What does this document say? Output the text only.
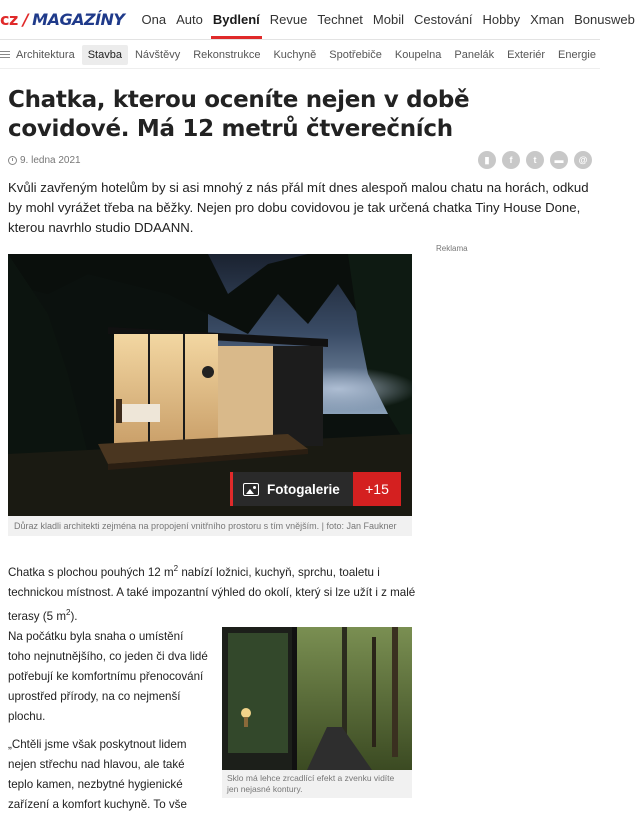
cz / MAGAZÍNY	Ona Auto Bydlení Revue Technet Mobil Cestování Hobby Xman Bonusweb
Architektura	Stavba	Návštěvy	Rekonstrukce	Kuchyně	Spotřebiče	Koupelna	Panelák	Exteriér	Energie
Chatka, kterou oceníte nejen v době covidové. Má 12 metrů čtverečních
9. ledna 2021	▮	f	t	▬	@

Kvůli zavřeným hotelům by si asi mnohý z nás přál mít dnes alespoň malou chatu na horách, odkud by mohl vyrážet třeba na běžky. Nejen pro dobu covidovou je tak určená chatka Tiny House Done, kterou navrhlo studio DDAANN.

Reklama
Fotogalerie	+15
Důraz kladli architekti zejména na propojení vnitřního prostoru s tím vnějším. | foto: Jan Faukner

Chatka s plochou pouhých 12 $m^2$ nabízí ložnici, kuchyň, sprchu, toaletu i technickou místnost. A také impozantní výhled do okolí, který si lze užít i z malé terasy (5 $m^2$).

Na počátku byla snaha o umístění toho nejnutnějšího, co jeden či dva lidé potřebují ke komfortnímu přenocování uprostřed přírody, na co nejmenší plochu.

„Chtěli jsme však poskytnout lidem nejen střechu nad hlavou, ale také teplo kamen, nezbytné hygienické zařízení a komfort kuchyně. To vše

Sklo má lehce zrcadlící efekt a zvenku vidíte jen nejasné kontury.
